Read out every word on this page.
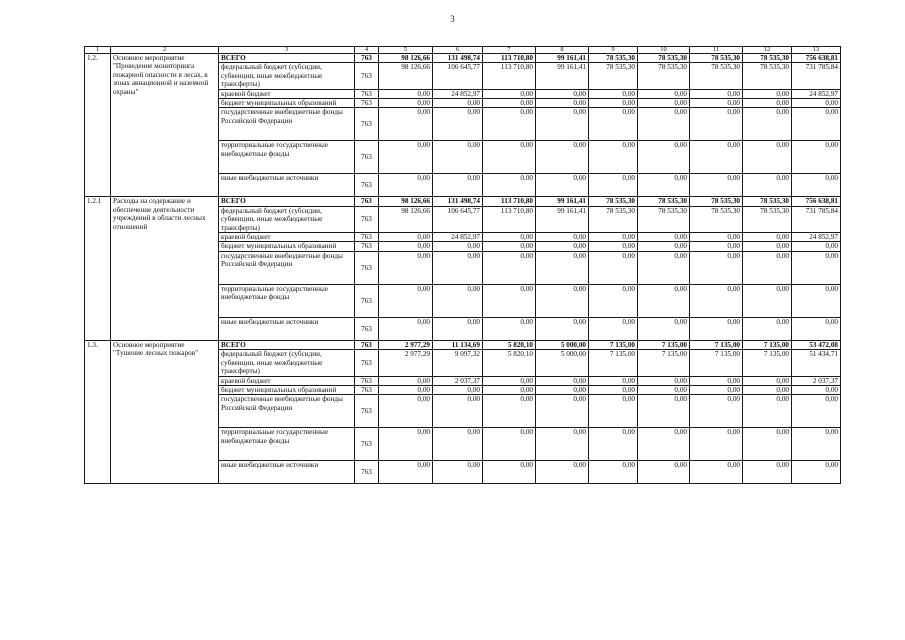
3
1	2	3	4	5	6	7	8	9	10	11	12	13
1.2.	Основное мероприятие "Проведение мониторинга пожарной опасности в лесах, в зонах авиационной и наземной охраны"	ВСЕГО	763	98 126,66	131 498,74	113 710,80	99 161,41	78 535,30	78 535,30	78 535,30	78 535,30	756 638,81
		федеральный бюджет (субсидии, субвенции, иные межбюджетные трансферты)	763	98 126,66	106 645,77	113 710,80	99 161,41	78 535,30	78 535,30	78 535,30	78 535,30	731 785,84
		краевой бюджет	763	0,00	24 852,97	0,00	0,00	0,00	0,00	0,00	0,00	24 852,97
		бюджет муниципальных образований	763	0,00	0,00	0,00	0,00	0,00	0,00	0,00	0,00	0,00
		государственные внебюджетные фонды Российской Федерации	763	0,00	0,00	0,00	0,00	0,00	0,00	0,00	0,00	0,00
		территориальные государственные внебюджетные фонды	763	0,00	0,00	0,00	0,00	0,00	0,00	0,00	0,00	0,00
		иные внебюджетные источники	763	0,00	0,00	0,00	0,00	0,00	0,00	0,00	0,00	0,00
1.2.1	Расходы на содержание и обеспечение деятельности учреждений в области лесных отношений	ВСЕГО	763	98 126,66	131 498,74	113 710,80	99 161,41	78 535,30	78 535,30	78 535,30	78 535,30	756 638,81
		федеральный бюджет (субсидии, субвенции, иные межбюджетные трансферты)	763	98 126,66	106 645,77	113 710,80	99 161,41	78 535,30	78 535,30	78 535,30	78 535,30	731 785,84
		краевой бюджет	763	0,00	24 852,97	0,00	0,00	0,00	0,00	0,00	0,00	24 852,97
		бюджет муниципальных образований	763	0,00	0,00	0,00	0,00	0,00	0,00	0,00	0,00	0,00
		государственные внебюджетные фонды Российской Федерации	763	0,00	0,00	0,00	0,00	0,00	0,00	0,00	0,00	0,00
		территориальные государственные внебюджетные фонды	763	0,00	0,00	0,00	0,00	0,00	0,00	0,00	0,00	0,00
		иные внебюджетные источники	763	0,00	0,00	0,00	0,00	0,00	0,00	0,00	0,00	0,00
1.3.	Основное мероприятие "Тушение лесных пожаров"	ВСЕГО	763	2 977,29	11 134,69	5 820,10	5 000,00	7 135,00	7 135,00	7 135,00	7 135,00	53 472,08
		федеральный бюджет (субсидии, субвенции, иные межбюджетные трансферты)	763	2 977,29	9 097,32	5 820,10	5 000,00	7 135,00	7 135,00	7 135,00	7 135,00	51 434,71
		краевой бюджет	763	0,00	2 037,37	0,00	0,00	0,00	0,00	0,00	0,00	2 037,37
		бюджет муниципальных образований	763	0,00	0,00	0,00	0,00	0,00	0,00	0,00	0,00	0,00
		государственные внебюджетные фонды Российской Федерации	763	0,00	0,00	0,00	0,00	0,00	0,00	0,00	0,00	0,00
		территориальные государственные внебюджетные фонды	763	0,00	0,00	0,00	0,00	0,00	0,00	0,00	0,00	0,00
		иные внебюджетные источники	763	0,00	0,00	0,00	0,00	0,00	0,00	0,00	0,00	0,00
